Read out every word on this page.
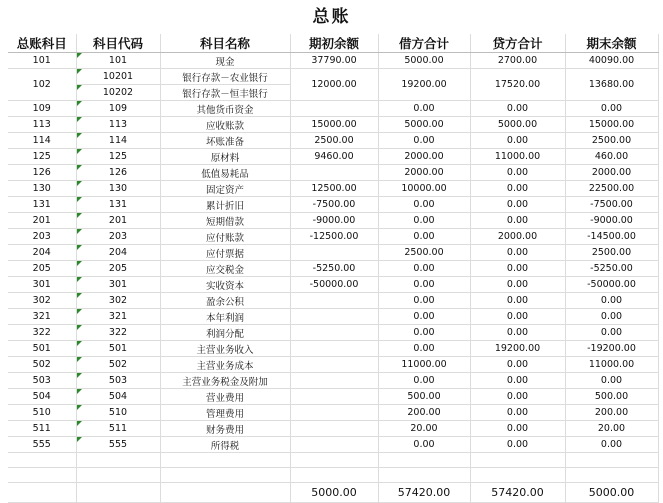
总账
总账科目	科目代码	科目名称	期初余额	借方合计	贷方合计	期末余额
101	101	现金	37790.00	5000.00	2700.00	40090.00
102	10201	银行存款－农业银行	12000.00	19200.00	17520.00	13680.00
	10202	银行存款－恒丰银行				
109	109	其他货币资金		0.00	0.00	0.00
113	113	应收账款	15000.00	5000.00	5000.00	15000.00
114	114	坏账准备	2500.00	0.00	0.00	2500.00
125	125	原材料	9460.00	2000.00	11000.00	460.00
126	126	低值易耗品		2000.00	0.00	2000.00
130	130	固定资产	12500.00	10000.00	0.00	22500.00
131	131	累计折旧	-7500.00	0.00	0.00	-7500.00
201	201	短期借款	-9000.00	0.00	0.00	-9000.00
203	203	应付账款	-12500.00	0.00	2000.00	-14500.00
204	204	应付票据		2500.00	0.00	2500.00
205	205	应交税金	-5250.00	0.00	0.00	-5250.00
301	301	实收资本	-50000.00	0.00	0.00	-50000.00
302	302	盈余公积		0.00	0.00	0.00
321	321	本年利润		0.00	0.00	0.00
322	322	利润分配		0.00	0.00	0.00
501	501	主营业务收入		0.00	19200.00	-19200.00
502	502	主营业务成本		11000.00	0.00	11000.00
503	503	主营业务税金及附加		0.00	0.00	0.00
504	504	营业费用		500.00	0.00	500.00
510	510	管理费用		200.00	0.00	200.00
511	511	财务费用		20.00	0.00	20.00
555	555	所得税		0.00	0.00	0.00

			5000.00	57420.00	57420.00	5000.00
